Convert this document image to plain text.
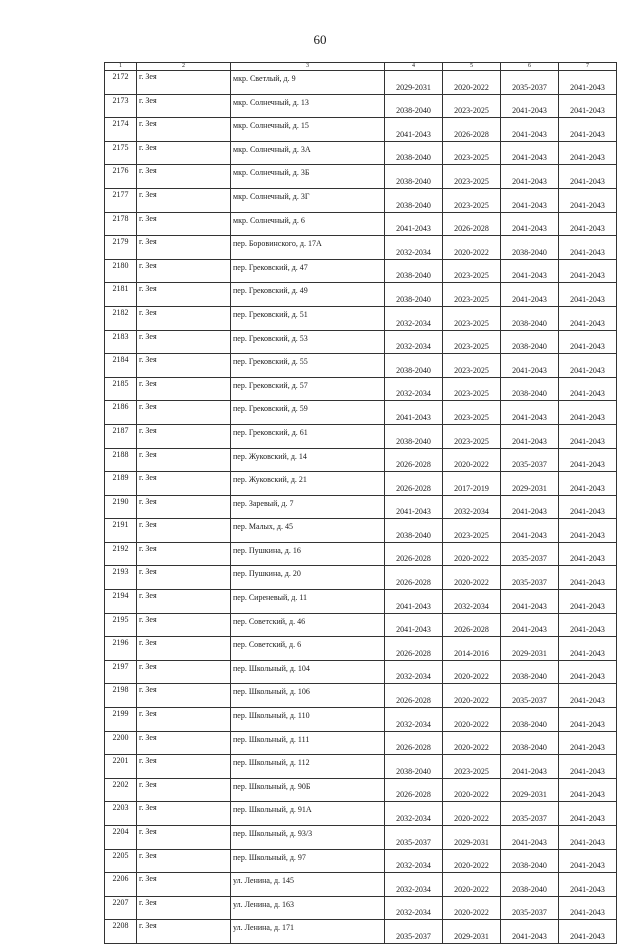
60
1	2	3	4	5	6	7
2172	г. Зея	мкр. Светлый, д. 9	2029-2031	2020-2022	2035-2037	2041-2043
2173	г. Зея	мкр. Солнечный, д. 13	2038-2040	2023-2025	2041-2043	2041-2043
2174	г. Зея	мкр. Солнечный, д. 15	2041-2043	2026-2028	2041-2043	2041-2043
2175	г. Зея	мкр. Солнечный, д. 3А	2038-2040	2023-2025	2041-2043	2041-2043
2176	г. Зея	мкр. Солнечный, д. 3Б	2038-2040	2023-2025	2041-2043	2041-2043
2177	г. Зея	мкр. Солнечный, д. 3Г	2038-2040	2023-2025	2041-2043	2041-2043
2178	г. Зея	мкр. Солнечный, д. 6	2041-2043	2026-2028	2041-2043	2041-2043
2179	г. Зея	пер. Боровинского, д. 17А	2032-2034	2020-2022	2038-2040	2041-2043
2180	г. Зея	пер. Грековский, д. 47	2038-2040	2023-2025	2041-2043	2041-2043
2181	г. Зея	пер. Грековский, д. 49	2038-2040	2023-2025	2041-2043	2041-2043
2182	г. Зея	пер. Грековский, д. 51	2032-2034	2023-2025	2038-2040	2041-2043
2183	г. Зея	пер. Грековский, д. 53	2032-2034	2023-2025	2038-2040	2041-2043
2184	г. Зея	пер. Грековский, д. 55	2038-2040	2023-2025	2041-2043	2041-2043
2185	г. Зея	пер. Грековский, д. 57	2032-2034	2023-2025	2038-2040	2041-2043
2186	г. Зея	пер. Грековский, д. 59	2041-2043	2023-2025	2041-2043	2041-2043
2187	г. Зея	пер. Грековский, д. 61	2038-2040	2023-2025	2041-2043	2041-2043
2188	г. Зея	пер. Жуковский, д. 14	2026-2028	2020-2022	2035-2037	2041-2043
2189	г. Зея	пер. Жуковский, д. 21	2026-2028	2017-2019	2029-2031	2041-2043
2190	г. Зея	пер. Заревый, д. 7	2041-2043	2032-2034	2041-2043	2041-2043
2191	г. Зея	пер. Малых, д. 45	2038-2040	2023-2025	2041-2043	2041-2043
2192	г. Зея	пер. Пушкина, д. 16	2026-2028	2020-2022	2035-2037	2041-2043
2193	г. Зея	пер. Пушкина, д. 20	2026-2028	2020-2022	2035-2037	2041-2043
2194	г. Зея	пер. Сиреневый, д. 11	2041-2043	2032-2034	2041-2043	2041-2043
2195	г. Зея	пер. Советский, д. 46	2041-2043	2026-2028	2041-2043	2041-2043
2196	г. Зея	пер. Советский, д. 6	2026-2028	2014-2016	2029-2031	2041-2043
2197	г. Зея	пер. Школьный, д. 104	2032-2034	2020-2022	2038-2040	2041-2043
2198	г. Зея	пер. Школьный, д. 106	2026-2028	2020-2022	2035-2037	2041-2043
2199	г. Зея	пер. Школьный, д. 110	2032-2034	2020-2022	2038-2040	2041-2043
2200	г. Зея	пер. Школьный, д. 111	2026-2028	2020-2022	2038-2040	2041-2043
2201	г. Зея	пер. Школьный, д. 112	2038-2040	2023-2025	2041-2043	2041-2043
2202	г. Зея	пер. Школьный, д. 90Б	2026-2028	2020-2022	2029-2031	2041-2043
2203	г. Зея	пер. Школьный, д. 91А	2032-2034	2020-2022	2035-2037	2041-2043
2204	г. Зея	пер. Школьный, д. 93/3	2035-2037	2029-2031	2041-2043	2041-2043
2205	г. Зея	пер. Школьный, д. 97	2032-2034	2020-2022	2038-2040	2041-2043
2206	г. Зея	ул. Ленина, д. 145	2032-2034	2020-2022	2038-2040	2041-2043
2207	г. Зея	ул. Ленина, д. 163	2032-2034	2020-2022	2035-2037	2041-2043
2208	г. Зея	ул. Ленина, д. 171	2035-2037	2029-2031	2041-2043	2041-2043
